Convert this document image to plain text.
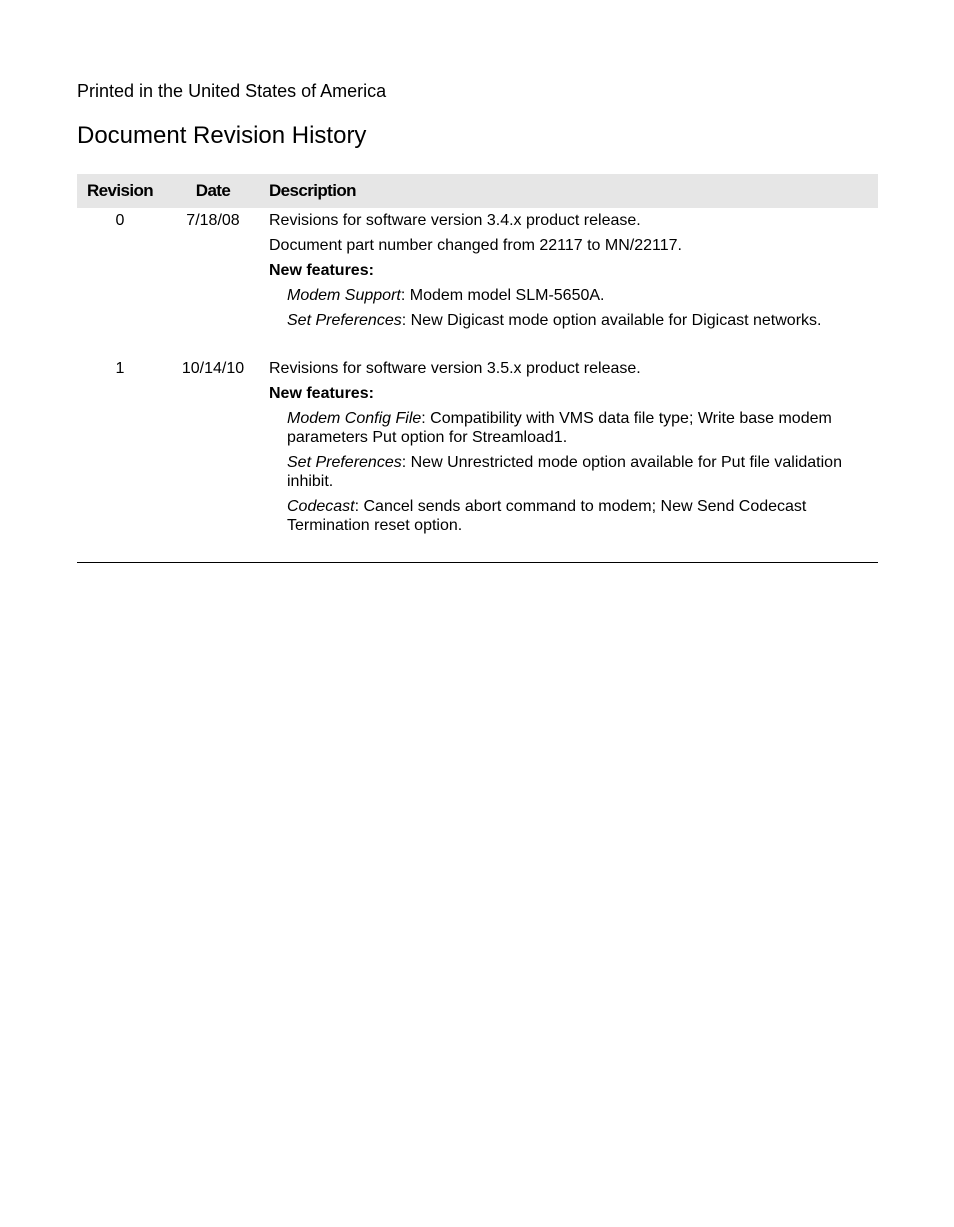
Printed in the United States of America
Document Revision History
Revision	Date	Description
0	7/18/08	Revisions for software version 3.4.x product release.

Document part number changed from 22117 to MN/22117.

New features:

Modem Support: Modem model SLM-5650A.

Set Preferences: New Digicast mode option available for Digicast networks.

1	10/14/10	Revisions for software version 3.5.x product release.

New features:

Modem Config File: Compatibility with VMS data file type; Write base modem parameters Put option for Streamload1.

Set Preferences: New Unrestricted mode option available for Put file validation inhibit.

Codecast: Cancel sends abort command to modem; New Send Codecast Termination reset option.
